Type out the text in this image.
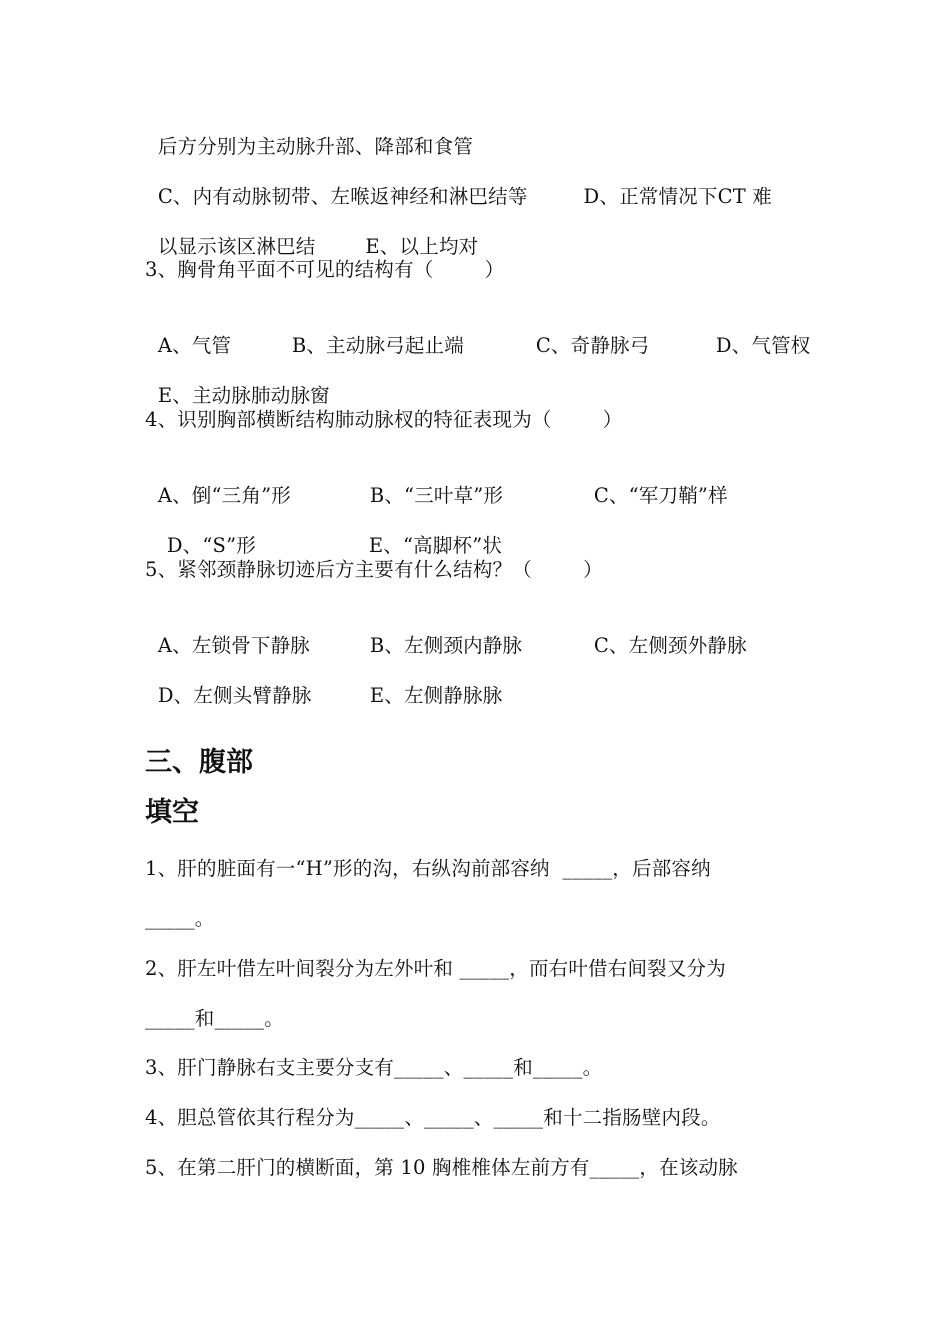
后方分别为主动脉升部、降部和食管

C、内有动脉韧带、左喉返神经和淋巴结等	D、正常情况下CT 难

以显示该区淋巴结	E、以上均对

3、胸骨角平面不可见的结构有（        ）

A、气管	B、主动脉弓起止端	C、奇静脉弓	D、气管杈

E、主动脉肺动脉窗

4、识别胸部横断结构肺动脉杈的特征表现为（        ）

A、倒“三角”形	B、“三叶草”形	C、“军刀鞘”样

D、“S”形	E、“高脚杯”状

5、紧邻颈静脉切迹后方主要有什么结构？（        ）

A、左锁骨下静脉	B、左侧颈内静脉	C、左侧颈外静脉

D、左侧头臂静脉	E、左侧静脉脉

三、腹部
填空
1、肝的脏面有一“H”形的沟，右纵沟前部容纳  _____，后部容纳
_____。
2、肝左叶借左叶间裂分为左外叶和 _____，而右叶借右间裂又分为
_____和_____。
3、肝门静脉右支主要分支有_____、_____和_____。
4、胆总管依其行程分为_____、_____、_____和十二指肠壁内段。
5、在第二肝门的横断面，第 10 胸椎椎体左前方有_____，在该动脉
